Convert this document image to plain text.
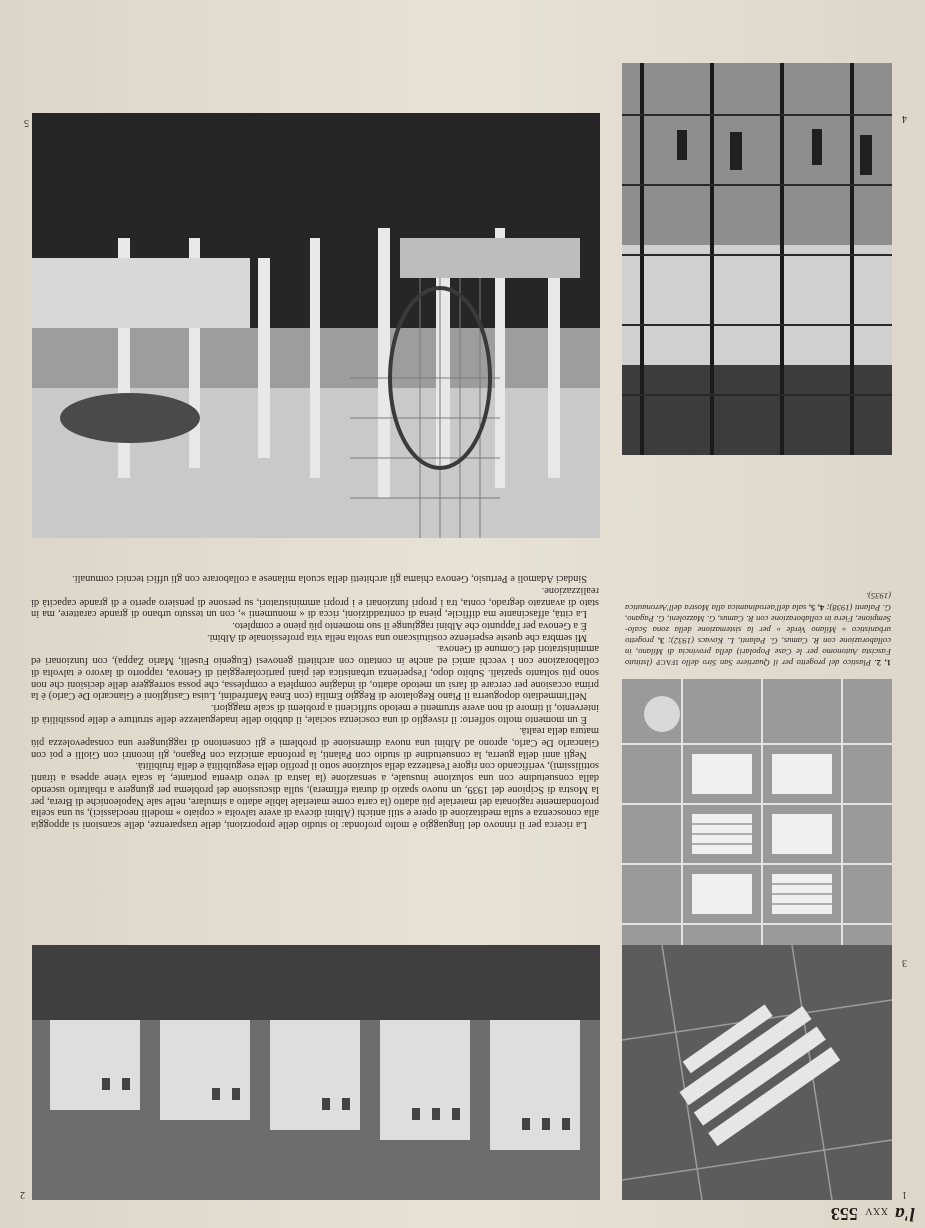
l'a XXV 553
5	4

La ricerca per il rinnovo del linguaggio è molto profonda: lo studio delle proporzioni, delle trasparenze, delle scansioni si appoggia alla conoscenza e sulla meditazione di opere e stili antichi (Albini diceva di avere talvolta « copiato » modelli neoclassici), su una scelta profondamente ragionata del materiale più adatto (la carta come materiale labile adatto a simulare, nelle sale Napoleoniche di Brera, per la Mostra di Scipione del 1939, un nuovo spazio di durata effimera), sulla discussione del problema per giungere a ribaltarlo uscendo dalla consuetudine con una soluzione inusuale, a sensazione (la lastra di vetro diventa portante, la scala viene appesa a tiranti sottilissimi), verificando con rigore l'esattezza della soluzione sotto il profilo della eseguibilità e della fruibilità.

Negli anni della guerra, la consuetudine di studio con Palanti, la profonda amicizia con Pagano, gli incontri con Giolli e poi con Giancarlo De Carlo, aprono ad Albini una nuova dimensione di problemi e gli consentono di raggiungere una consapevolezza più matura della realtà.

È un momento molto sofferto: il risveglio di una coscienza sociale, il dubbio delle inadeguatezze delle strutture e delle possibilità di intervento, il timore di non avere strumenti e metodo sufficienti a problemi di scale maggiori.

Nell'immediato dopoguerra il Piano Regolatore di Reggio Emilia (con Enea Manfredini, Luisa Castiglioni e Giancarlo De Carlo) è la prima occasione per cercare di farsi un metodo adatto, di indagine completa e complessa, che possa sorreggere delle decisioni che non sono più soltanto spaziali. Subito dopo, l'esperienza urbanistica dei piani particolareggiati di Genova, rapporto di lavoro e talvolta di collaborazione con i vecchi amici ed anche in contatto con architetti genovesi (Eugenio Fuselli, Mario Zappa), con funzionari ed amministratori del Comune di Genova.

Mi sembra che queste esperienze costituiscano una svolta nella vita professionale di Albini.

È a Genova per l'appunto che Albini raggiunge il suo momento più pieno e completo.

La città, affascinante ma difficile, piena di contraddizioni, ricca di « monumenti », con un tessuto urbano di grande carattere, ma in stato di avanzato degrado, conta, tra i propri funzionari e i propri amministratori, su persone di pensiero aperto e di grande capacità di realizzazione.

Sindaci Adamoli e Pertusio, Genova chiama gli architetti della scuola milanese a collaborare con gli uffici tecnici comunali.

1, 2. Plastico del progetto per il Quartiere San Siro dello IFACP (Istituto Fascista Autonomo per le Case Popolari) della provincia di Milano, in collaborazione con R. Camus, G. Palanti, L. Kovacs (1932); 3, progetto urbanistico « Milano Verde » per la sistemazione della zona Scalo-Sempione, Fiera in collaborazione con R. Camus, G. Mazzoleni, G. Pagano, G. Palanti (1938); 4, 5, sala dell'aerodinamica alla Mostra dell'Aeronautica (1935).
3
2	1
